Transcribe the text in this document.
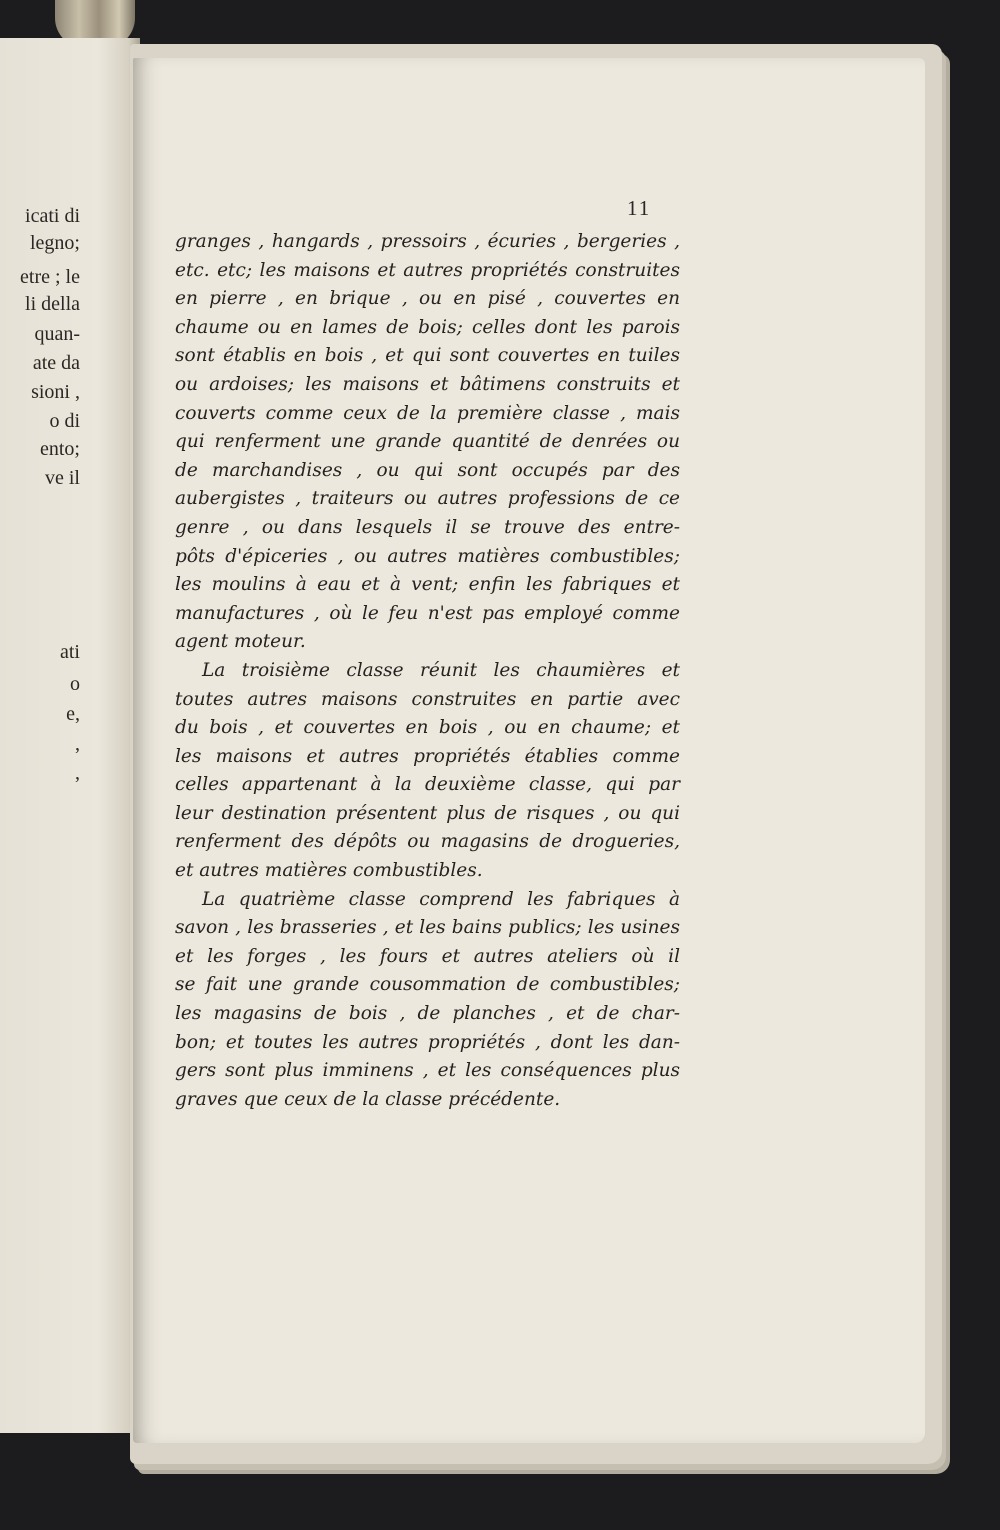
icati di
legno;
etre ; le
li della
quan-
ate da
sioni ,
o di
ento;
ve il
ati
o
e,
,
,
11
granges , hangards , pressoirs , écuries , bergeries ,
etc. etc; les maisons et autres propriétés construites
en pierre , en brique , ou en pisé , couvertes en
chaume ou en lames de bois; celles dont les parois
sont établis en bois , et qui sont couvertes en tuiles
ou ardoises; les maisons et bâtimens construits et
couverts comme ceux de la première classe , mais
qui renferment une grande quantité de denrées ou
de marchandises , ou qui sont occupés par des
aubergistes , traiteurs ou autres professions de ce
genre , ou dans lesquels il se trouve des entre-
pôts d'épiceries , ou autres matières combustibles;
les moulins à eau et à vent; enfin les fabriques et
manufactures , où le feu n'est pas employé comme
agent moteur.
La troisième classe réunit les chaumières et
toutes autres maisons construites en partie avec
du bois , et couvertes en bois , ou en chaume; et
les maisons et autres propriétés établies comme
celles appartenant à la deuxième classe, qui par
leur destination présentent plus de risques , ou qui
renferment des dépôts ou magasins de drogueries,
et autres matières combustibles.
La quatrième classe comprend les fabriques à
savon , les brasseries , et les bains publics; les usines
et les forges , les fours et autres ateliers où il
se fait une grande cousommation de combustibles;
les magasins de bois , de planches , et de char-
bon; et toutes les autres propriétés , dont les dan-
gers sont plus imminens , et les conséquences plus
graves que ceux de la classe précédente.
